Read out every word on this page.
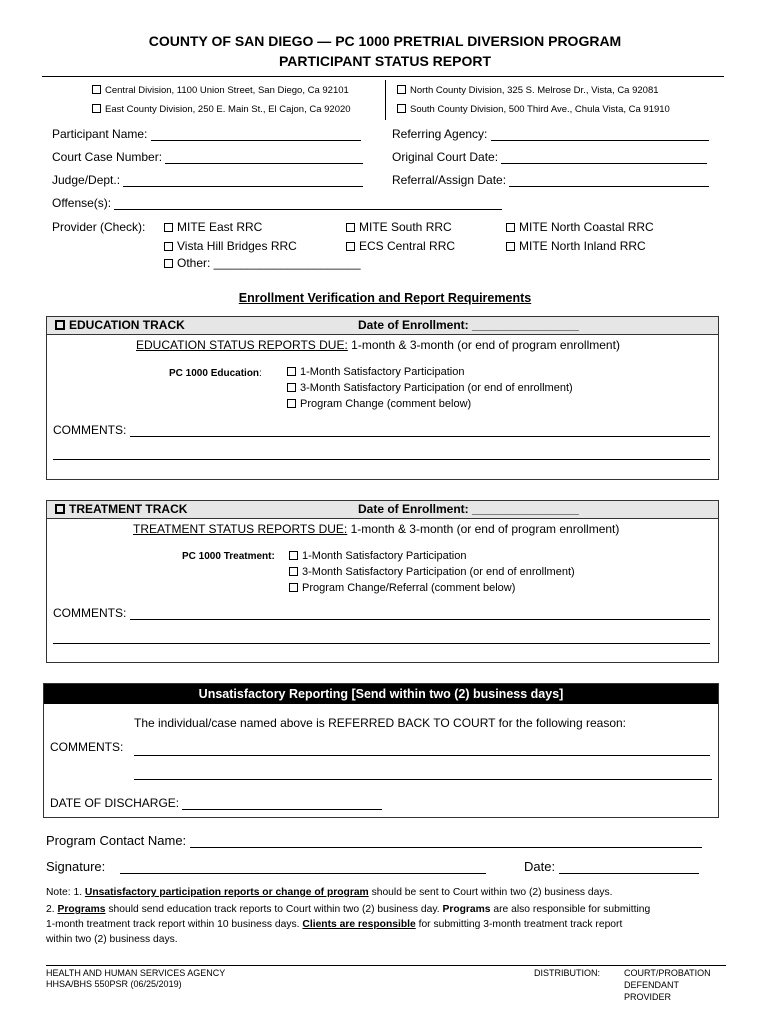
COUNTY OF SAN DIEGO — PC 1000 PRETRIAL DIVERSION PROGRAM
PARTICIPANT STATUS REPORT
Central Division, 1100 Union Street, San Diego, Ca 92101	North County Division, 325 S. Melrose Dr., Vista, Ca 92081
East County Division, 250 E. Main St., El Cajon, Ca 92020	South County Division, 500 Third Ave., Chula Vista, Ca 91910
Participant Name:	Referring Agency:
Court Case Number:	Original Court Date:
Judge/Dept.:	Referral/Assign Date:
Offense(s):
Provider (Check):	MITE East RRC	MITE South RRC	MITE North Coastal RRC
Vista Hill Bridges RRC	ECS Central RRC	MITE North Inland RRC
Other: ______________________
Enrollment Verification and Report Requirements
EDUCATION TRACK	Date of Enrollment: ________________
EDUCATION STATUS REPORTS DUE: 1-month & 3-month (or end of program enrollment)
PC 1000 Education:	1-Month Satisfactory Participation
3-Month Satisfactory Participation (or end of enrollment)
Program Change (comment below)
COMMENTS:
TREATMENT TRACK	Date of Enrollment: ________________
TREATMENT STATUS REPORTS DUE: 1-month & 3-month (or end of program enrollment)
PC 1000 Treatment:	1-Month Satisfactory Participation
3-Month Satisfactory Participation (or end of enrollment)
Program Change/Referral (comment below)
COMMENTS:
Unsatisfactory Reporting [Send within two (2) business days]
The individual/case named above is REFERRED BACK TO COURT for the following reason:
COMMENTS:
DATE OF DISCHARGE:
Program Contact Name:
Signature:	Date:
Note: 1. Unsatisfactory participation reports or change of program should be sent to Court within two (2) business days.
2. Programs should send education track reports to Court within two (2) business day. Programs are also responsible for submitting
1-month treatment track report within 10 business days. Clients are responsible for submitting 3-month treatment track report
within two (2) business days.
HEALTH AND HUMAN SERVICES AGENCY
HHSA/BHS 550PSR (06/25/2019)
DISTRIBUTION:	COURT/PROBATION
DEFENDANT
PROVIDER
